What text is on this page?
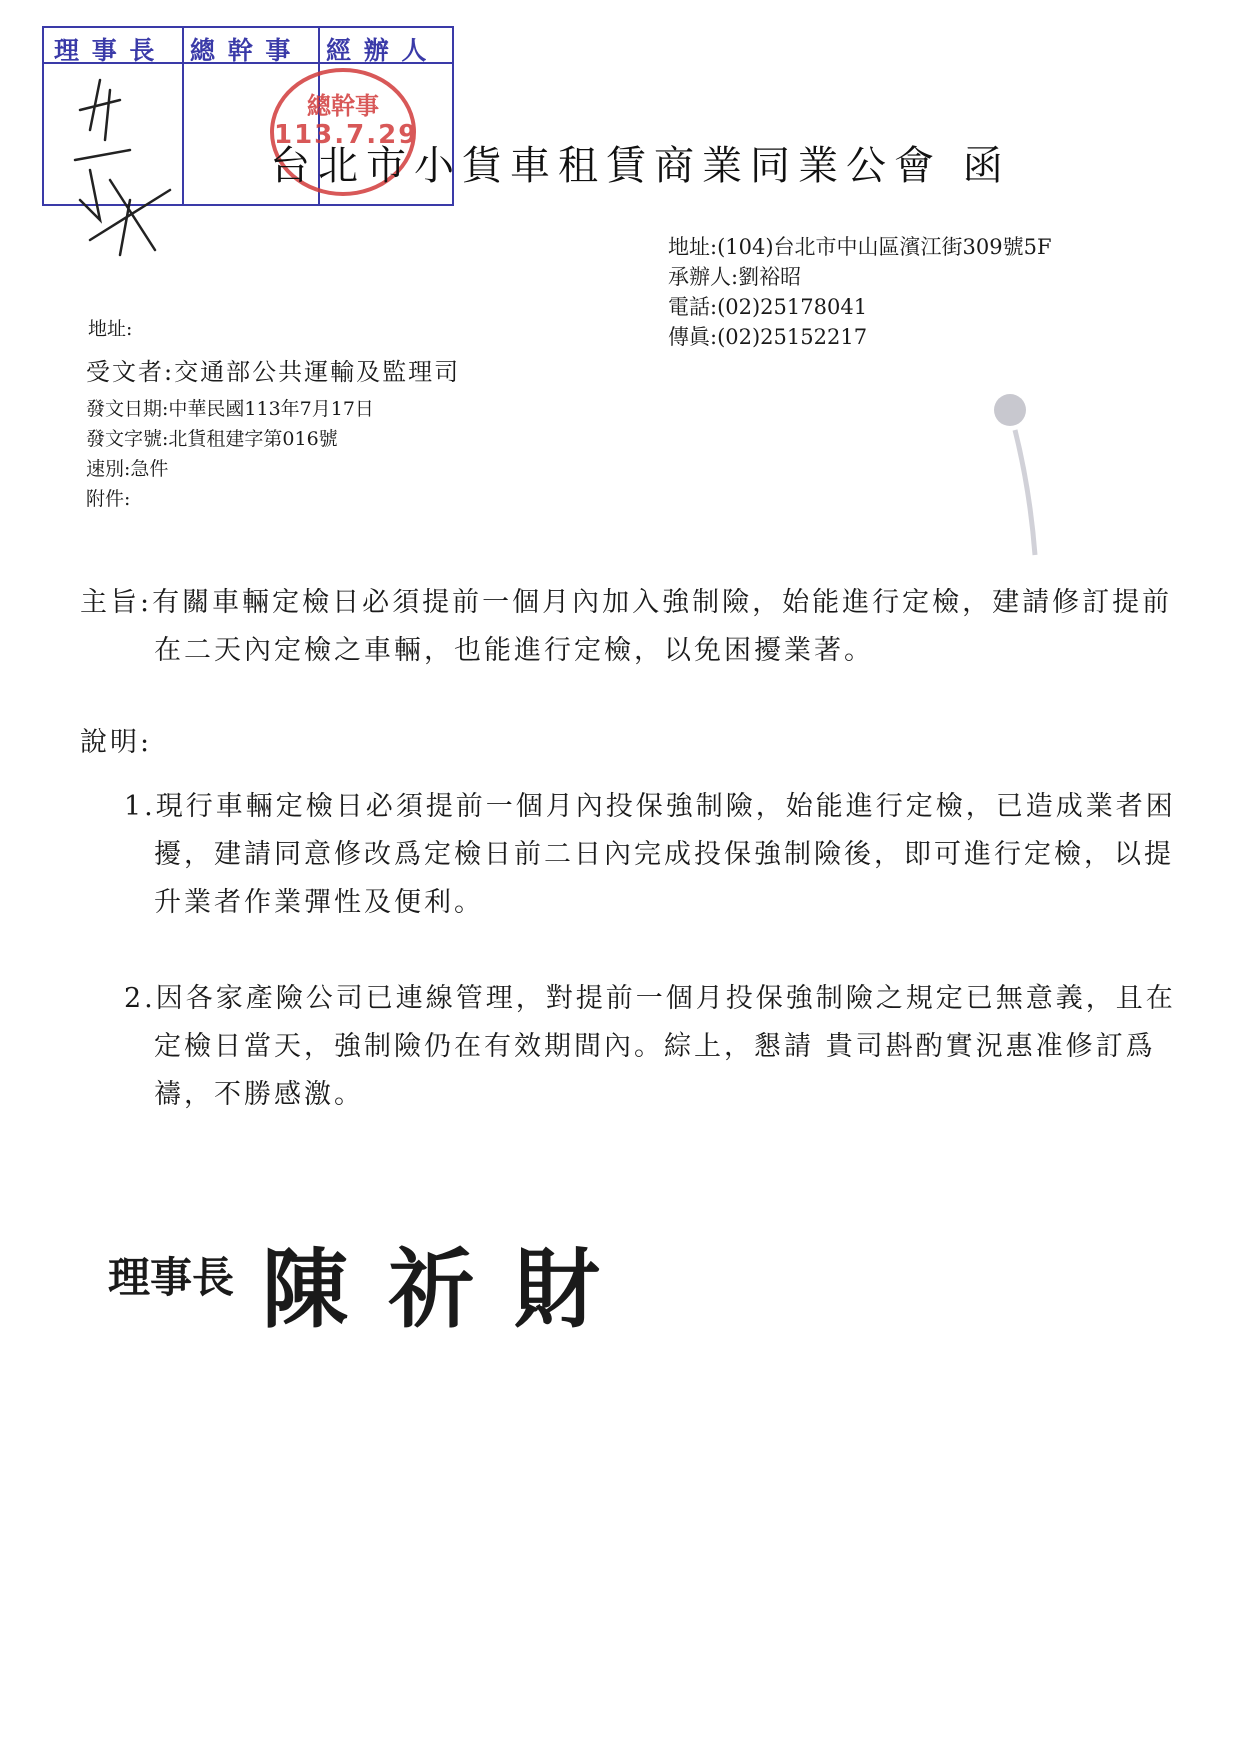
理 事 長 總 幹 事 經 辦 人
總幹事
113.7.29
台北市小貨車租賃商業同業公會 函
地址:(104)台北市中山區濱江街309號5F
承辦人:劉裕昭
電話:(02)25178041
傳眞:(02)25152217
地址:
受文者:交通部公共運輸及監理司
發文日期:中華民國113年7月17日
發文字號:北貨租建字第016號
速別:急件
附件:
主旨:有關車輛定檢日必須提前一個月內加入強制險，始能進行定檢，建請修訂提前
在二天內定檢之車輛，也能進行定檢，以免困擾業著。
說明:
1.現行車輛定檢日必須提前一個月內投保強制險，始能進行定檢，已造成業者困
擾，建請同意修改爲定檢日前二日內完成投保強制險後，即可進行定檢，以提
升業者作業彈性及便利。
2.因各家產險公司已連線管理，對提前一個月投保強制險之規定已無意義，且在
定檢日當天，強制險仍在有效期間內。綜上，懇請 貴司斟酌實況惠准修訂爲
禱，不勝感激。
理事長 陳祈財
